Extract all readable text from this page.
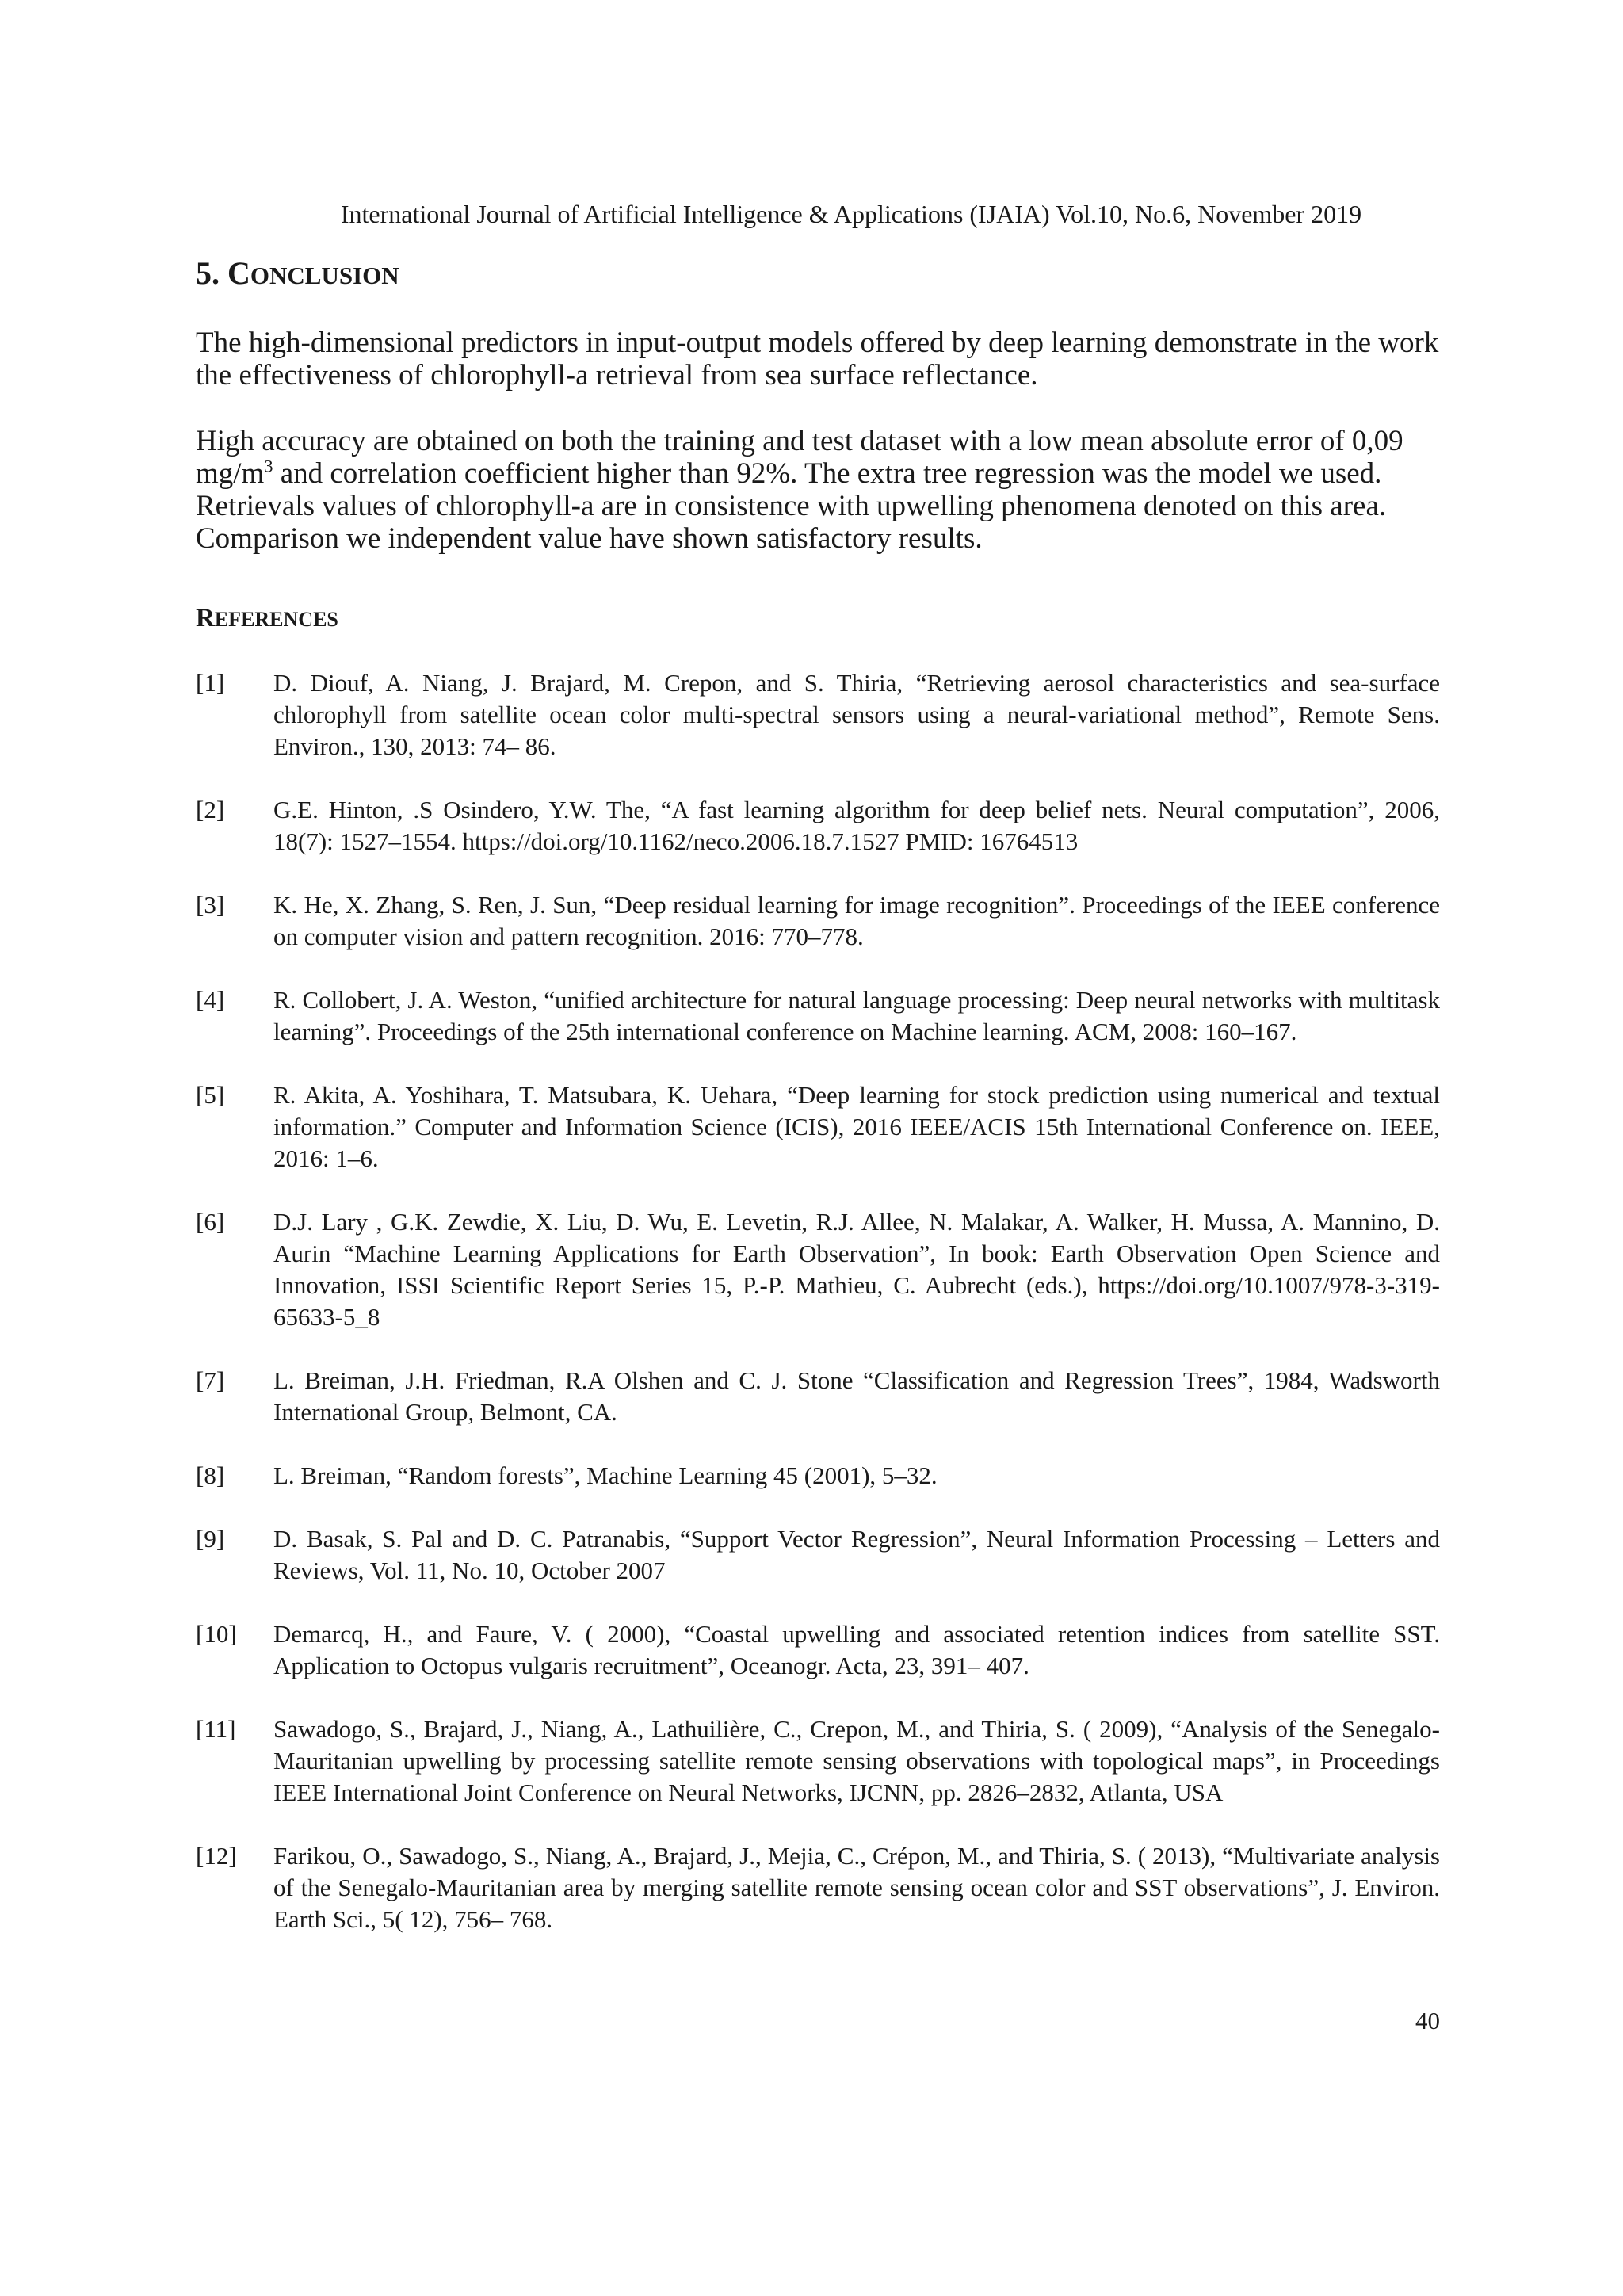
International Journal of Artificial Intelligence & Applications (IJAIA) Vol.10, No.6, November 2019
5. CONCLUSION
The high-dimensional predictors in input-output models offered by deep learning demonstrate in the work the effectiveness of chlorophyll-a retrieval from sea surface reflectance.
High accuracy are obtained on both the training and test dataset with a low mean absolute error of 0,09 $mg/m^3$ and correlation coefficient higher than 92%. The extra tree regression was the model we used. Retrievals values of chlorophyll-a are in consistence with upwelling phenomena denoted on this area. Comparison we independent value have shown satisfactory results.
REFERENCES
[1]	D. Diouf, A. Niang, J. Brajard, M. Crepon, and S. Thiria, “Retrieving aerosol characteristics and sea-surface chlorophyll from satellite ocean color multi-spectral sensors using a neural-variational method”, Remote Sens. Environ., 130, 2013: 74– 86.
[2]	G.E. Hinton, .S Osindero, Y.W. The, “A fast learning algorithm for deep belief nets. Neural computation”, 2006, 18(7): 1527–1554. https://doi.org/10.1162/neco.2006.18.7.1527 PMID: 16764513
[3]	K. He, X. Zhang, S. Ren, J. Sun, “Deep residual learning for image recognition”. Proceedings of the IEEE conference on computer vision and pattern recognition. 2016: 770–778.
[4]	R. Collobert, J. A. Weston, “unified architecture for natural language processing: Deep neural networks with multitask learning”. Proceedings of the 25th international conference on Machine learning. ACM, 2008: 160–167.
[5]	R. Akita, A. Yoshihara, T. Matsubara, K. Uehara, “Deep learning for stock prediction using numerical and textual information.” Computer and Information Science (ICIS), 2016 IEEE/ACIS 15th International Conference on. IEEE, 2016: 1–6.
[6]	D.J. Lary , G.K. Zewdie, X. Liu, D. Wu, E. Levetin, R.J. Allee, N. Malakar, A. Walker, H. Mussa, A. Mannino, D. Aurin “Machine Learning Applications for Earth Observation”, In book: Earth Observation Open Science and Innovation, ISSI Scientific Report Series 15, P.-P. Mathieu, C. Aubrecht (eds.), https://doi.org/10.1007/978-3-319-65633-5_8
[7]	L. Breiman, J.H. Friedman, R.A Olshen and C. J. Stone “Classification and Regression Trees”, 1984, Wadsworth International Group, Belmont, CA.
[8]	L. Breiman, “Random forests”, Machine Learning 45 (2001), 5–32.
[9]	D. Basak, S. Pal and D. C. Patranabis, “Support Vector Regression”, Neural Information Processing – Letters and Reviews, Vol. 11, No. 10, October 2007
[10]	Demarcq, H., and Faure, V. ( 2000), “Coastal upwelling and associated retention indices from satellite SST. Application to Octopus vulgaris recruitment”, Oceanogr. Acta, 23, 391– 407.
[11]	Sawadogo, S., Brajard, J., Niang, A., Lathuilière, C., Crepon, M., and Thiria, S. ( 2009), “Analysis of the Senegalo-Mauritanian upwelling by processing satellite remote sensing observations with topological maps”, in Proceedings IEEE International Joint Conference on Neural Networks, IJCNN, pp. 2826–2832, Atlanta, USA
[12]	Farikou, O., Sawadogo, S., Niang, A., Brajard, J., Mejia, C., Crépon, M., and Thiria, S. ( 2013), “Multivariate analysis of the Senegalo-Mauritanian area by merging satellite remote sensing ocean color and SST observations”, J. Environ. Earth Sci., 5( 12), 756– 768.
40
